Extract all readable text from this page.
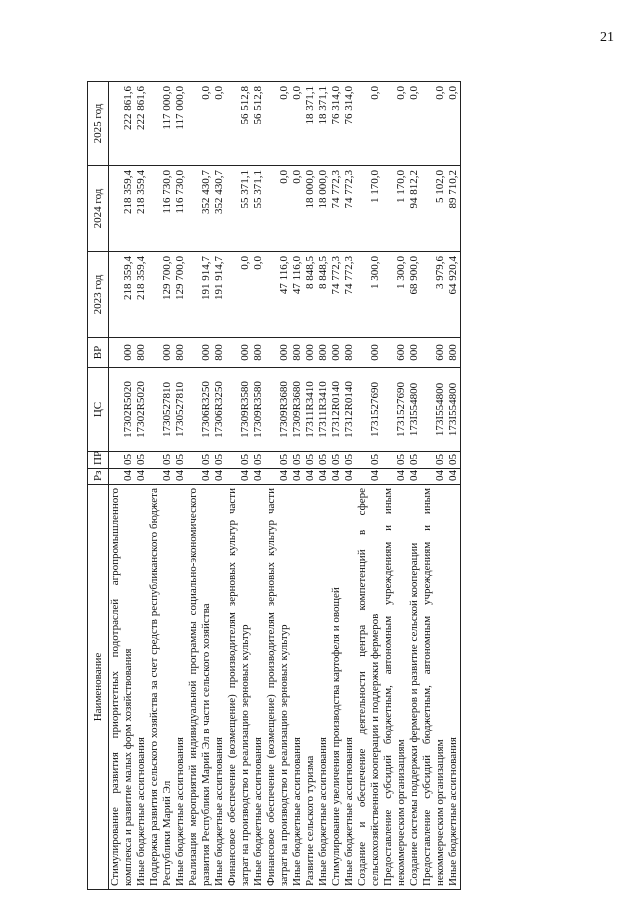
21
Наименование	Рз	ПР	ЦС	ВР	2023 год	2024 год	2025 год
Стимулирование развития приоритетных подотраслей агропромышленного комплекса и развитие малых форм хозяйствования	04	05	17302R5020	000	218 359,4	218 359,4	222 861,6
Иные бюджетные ассигнования	04	05	17302R5020	800	218 359,4	218 359,4	222 861,6
Поддержка развития сельского хозяйства за счет средств республиканского бюджета Республики Марий Эл	04	05	1730527810	000	129 700,0	116 730,0	117 000,0
Иные бюджетные ассигнования	04	05	1730527810	800	129 700,0	116 730,0	117 000,0
Реализация мероприятий индивидуальной программы социально-экономического развития Республики Марий Эл в части сельского хозяйства	04	05	17306R3250	000	191 914,7	352 430,7	0,0
Иные бюджетные ассигнования	04	05	17306R3250	800	191 914,7	352 430,7	0,0
Финансовое обеспечение (возмещение) производителям зерновых культур части затрат на производство и реализацию зерновых культур	04	05	17309R3580	000	0,0	55 371,1	56 512,8
Иные бюджетные ассигнования	04	05	17309R3580	800	0,0	55 371,1	56 512,8
Финансовое обеспечение (возмещение) производителям зерновых культур части затрат на производство и реализацию зерновых культур	04	05	17309R3680	000	47 116,0	0,0	0,0
Иные бюджетные ассигнования	04	05	17309R3680	800	47 116,0	0,0	0,0
Развитие сельского туризма	04	05	17311R3410	000	8 848,5	18 000,0	18 371,1
Иные бюджетные ассигнования	04	05	17311R3410	800	8 848,5	18 000,0	18 371,1
Стимулирование увеличения производства картофеля и овощей	04	05	17312R0140	000	74 772,3	74 772,3	76 314,0
Иные бюджетные ассигнования	04	05	17312R0140	800	74 772,3	74 772,3	76 314,0
Создание и обеспечение деятельности центра компетенций в сфере сельскохозяйственной кооперации и поддержки фермеров	04	05	1731527690	000	1 300,0	1 170,0	0,0
Предоставление субсидий бюджетным, автономным учреждениям и иным некоммерческим организациям	04	05	1731527690	600	1 300,0	1 170,0	0,0
Создание системы поддержки фермеров и развитие сельской кооперации	04	05	173I554800	000	68 900,0	94 812,2	0,0
Предоставление субсидий бюджетным, автономным учреждениям и иным некоммерческим организациям	04	05	173I554800	600	3 979,6	5 102,0	0,0
Иные бюджетные ассигнования	04	05	173I554800	800	64 920,4	89 710,2	0,0
